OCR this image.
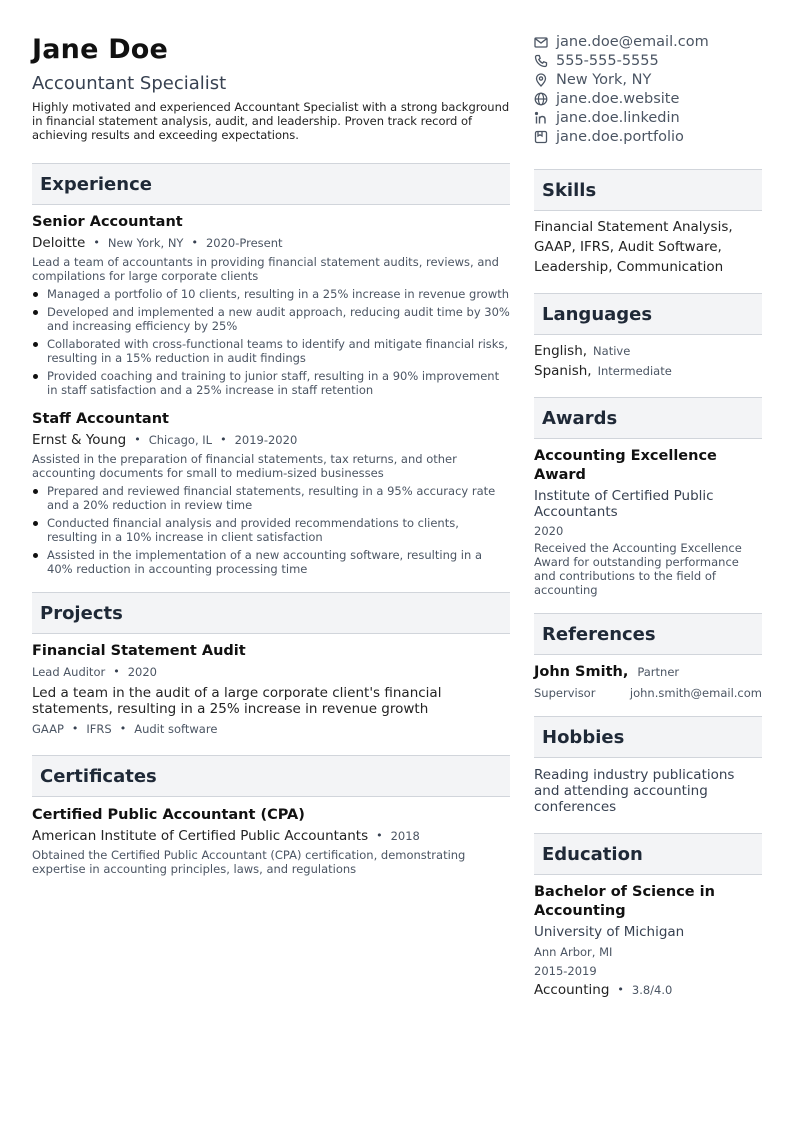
Jane Doe
Accountant Specialist
Highly motivated and experienced Accountant Specialist with a strong background in financial statement analysis, audit, and leadership. Proven track record of achieving results and exceeding expectations.
Experience
Senior Accountant
Deloitte • New York, NY • 2020-Present
Lead a team of accountants in providing financial statement audits, reviews, and compilations for large corporate clients
Managed a portfolio of 10 clients, resulting in a 25% increase in revenue growth
Developed and implemented a new audit approach, reducing audit time by 30% and increasing efficiency by 25%
Collaborated with cross-functional teams to identify and mitigate financial risks, resulting in a 15% reduction in audit findings
Provided coaching and training to junior staff, resulting in a 90% improvement in staff satisfaction and a 25% increase in staff retention
Staff Accountant
Ernst & Young • Chicago, IL • 2019-2020
Assisted in the preparation of financial statements, tax returns, and other accounting documents for small to medium-sized businesses
Prepared and reviewed financial statements, resulting in a 95% accuracy rate and a 20% reduction in review time
Conducted financial analysis and provided recommendations to clients, resulting in a 10% increase in client satisfaction
Assisted in the implementation of a new accounting software, resulting in a 40% reduction in accounting processing time
Projects
Financial Statement Audit
Lead Auditor • 2020
Led a team in the audit of a large corporate client's financial statements, resulting in a 25% increase in revenue growth
GAAP • IFRS • Audit software
Certificates
Certified Public Accountant (CPA)
American Institute of Certified Public Accountants • 2018
Obtained the Certified Public Accountant (CPA) certification, demonstrating expertise in accounting principles, laws, and regulations
jane.doe@email.com
555-555-5555
New York, NY
jane.doe.website
jane.doe.linkedin
jane.doe.portfolio
Skills
Financial Statement Analysis, GAAP, IFRS, Audit Software, Leadership, Communication
Languages
English, Native
Spanish, Intermediate
Awards
Accounting Excellence Award
Institute of Certified Public Accountants
2020
Received the Accounting Excellence Award for outstanding performance and contributions to the field of accounting
References
John Smith, Partner
Supervisor	john.smith@email.com
Hobbies
Reading industry publications and attending accounting conferences
Education
Bachelor of Science in Accounting
University of Michigan
Ann Arbor, MI
2015-2019
Accounting • 3.8/4.0
